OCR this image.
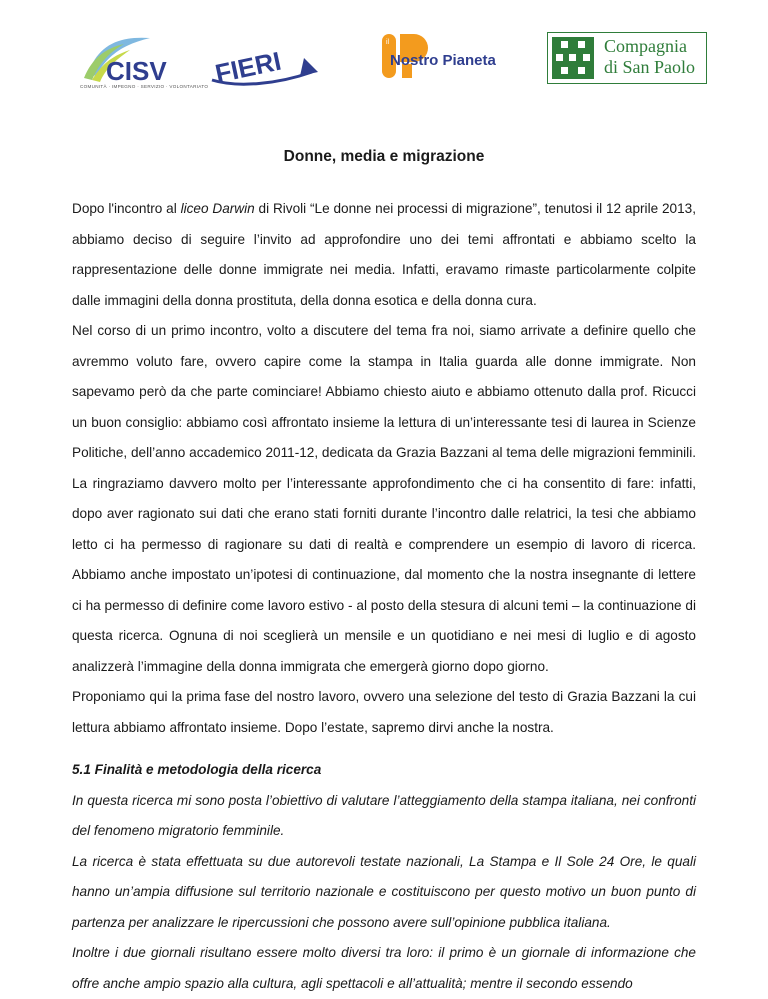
CISV
COMUNITÀ · IMPEGNO · SERVIZIO · VOLONTARIATO FIERI
il
Nostro Pianeta
Compagnia
di San Paolo
Donne, media e migrazione

Dopo l'incontro al liceo Darwin di Rivoli “Le donne nei processi di migrazione”, tenutosi il 12 aprile 2013, abbiamo deciso di seguire l’invito ad approfondire uno dei temi affrontati e abbiamo scelto la rappresentazione delle donne immigrate nei media. Infatti, eravamo rimaste particolarmente colpite dalle immagini della donna prostituta, della donna esotica e della donna cura.

Nel corso di un primo incontro, volto a discutere del tema fra noi, siamo arrivate a definire quello che avremmo voluto fare, ovvero capire come la stampa in Italia guarda alle donne immigrate. Non sapevamo però da che parte cominciare! Abbiamo chiesto aiuto e abbiamo ottenuto dalla prof. Ricucci un buon consiglio: abbiamo così affrontato insieme la lettura di un’interessante tesi di laurea in Scienze Politiche, dell’anno accademico 2011-12, dedicata da Grazia Bazzani al tema delle migrazioni femminili. La ringraziamo davvero molto per l’interessante approfondimento che ci ha consentito di fare: infatti, dopo aver ragionato sui dati che erano stati forniti durante l’incontro dalle relatrici, la tesi che abbiamo letto ci ha permesso di ragionare su dati di realtà e comprendere un esempio di lavoro di ricerca. Abbiamo anche impostato un’ipotesi di continuazione, dal momento che la nostra insegnante di lettere ci ha permesso di definire come lavoro estivo - al posto della stesura di alcuni temi – la continuazione di questa ricerca. Ognuna di noi sceglierà un mensile e un quotidiano e nei mesi di luglio e di agosto analizzerà l’immagine della donna immigrata che emergerà giorno dopo giorno.

Proponiamo qui la prima fase del nostro lavoro, ovvero una selezione del testo di Grazia Bazzani la cui lettura abbiamo affrontato insieme. Dopo l’estate, sapremo dirvi anche la nostra.

5.1 Finalità e metodologia della ricerca

In questa ricerca mi sono posta l’obiettivo di valutare l’atteggiamento della stampa italiana, nei confronti del fenomeno migratorio femminile.

La ricerca è stata effettuata su due autorevoli testate nazionali, La Stampa e Il Sole 24 Ore, le quali hanno un’ampia diffusione sul territorio nazionale e costituiscono per questo motivo un buon punto di partenza per analizzare le ripercussioni che possono avere sull’opinione pubblica italiana.

Inoltre i due giornali risultano essere molto diversi tra loro: il primo è un giornale di informazione che offre anche ampio spazio alla cultura, agli spettacoli e all’attualità; mentre il secondo essendo
